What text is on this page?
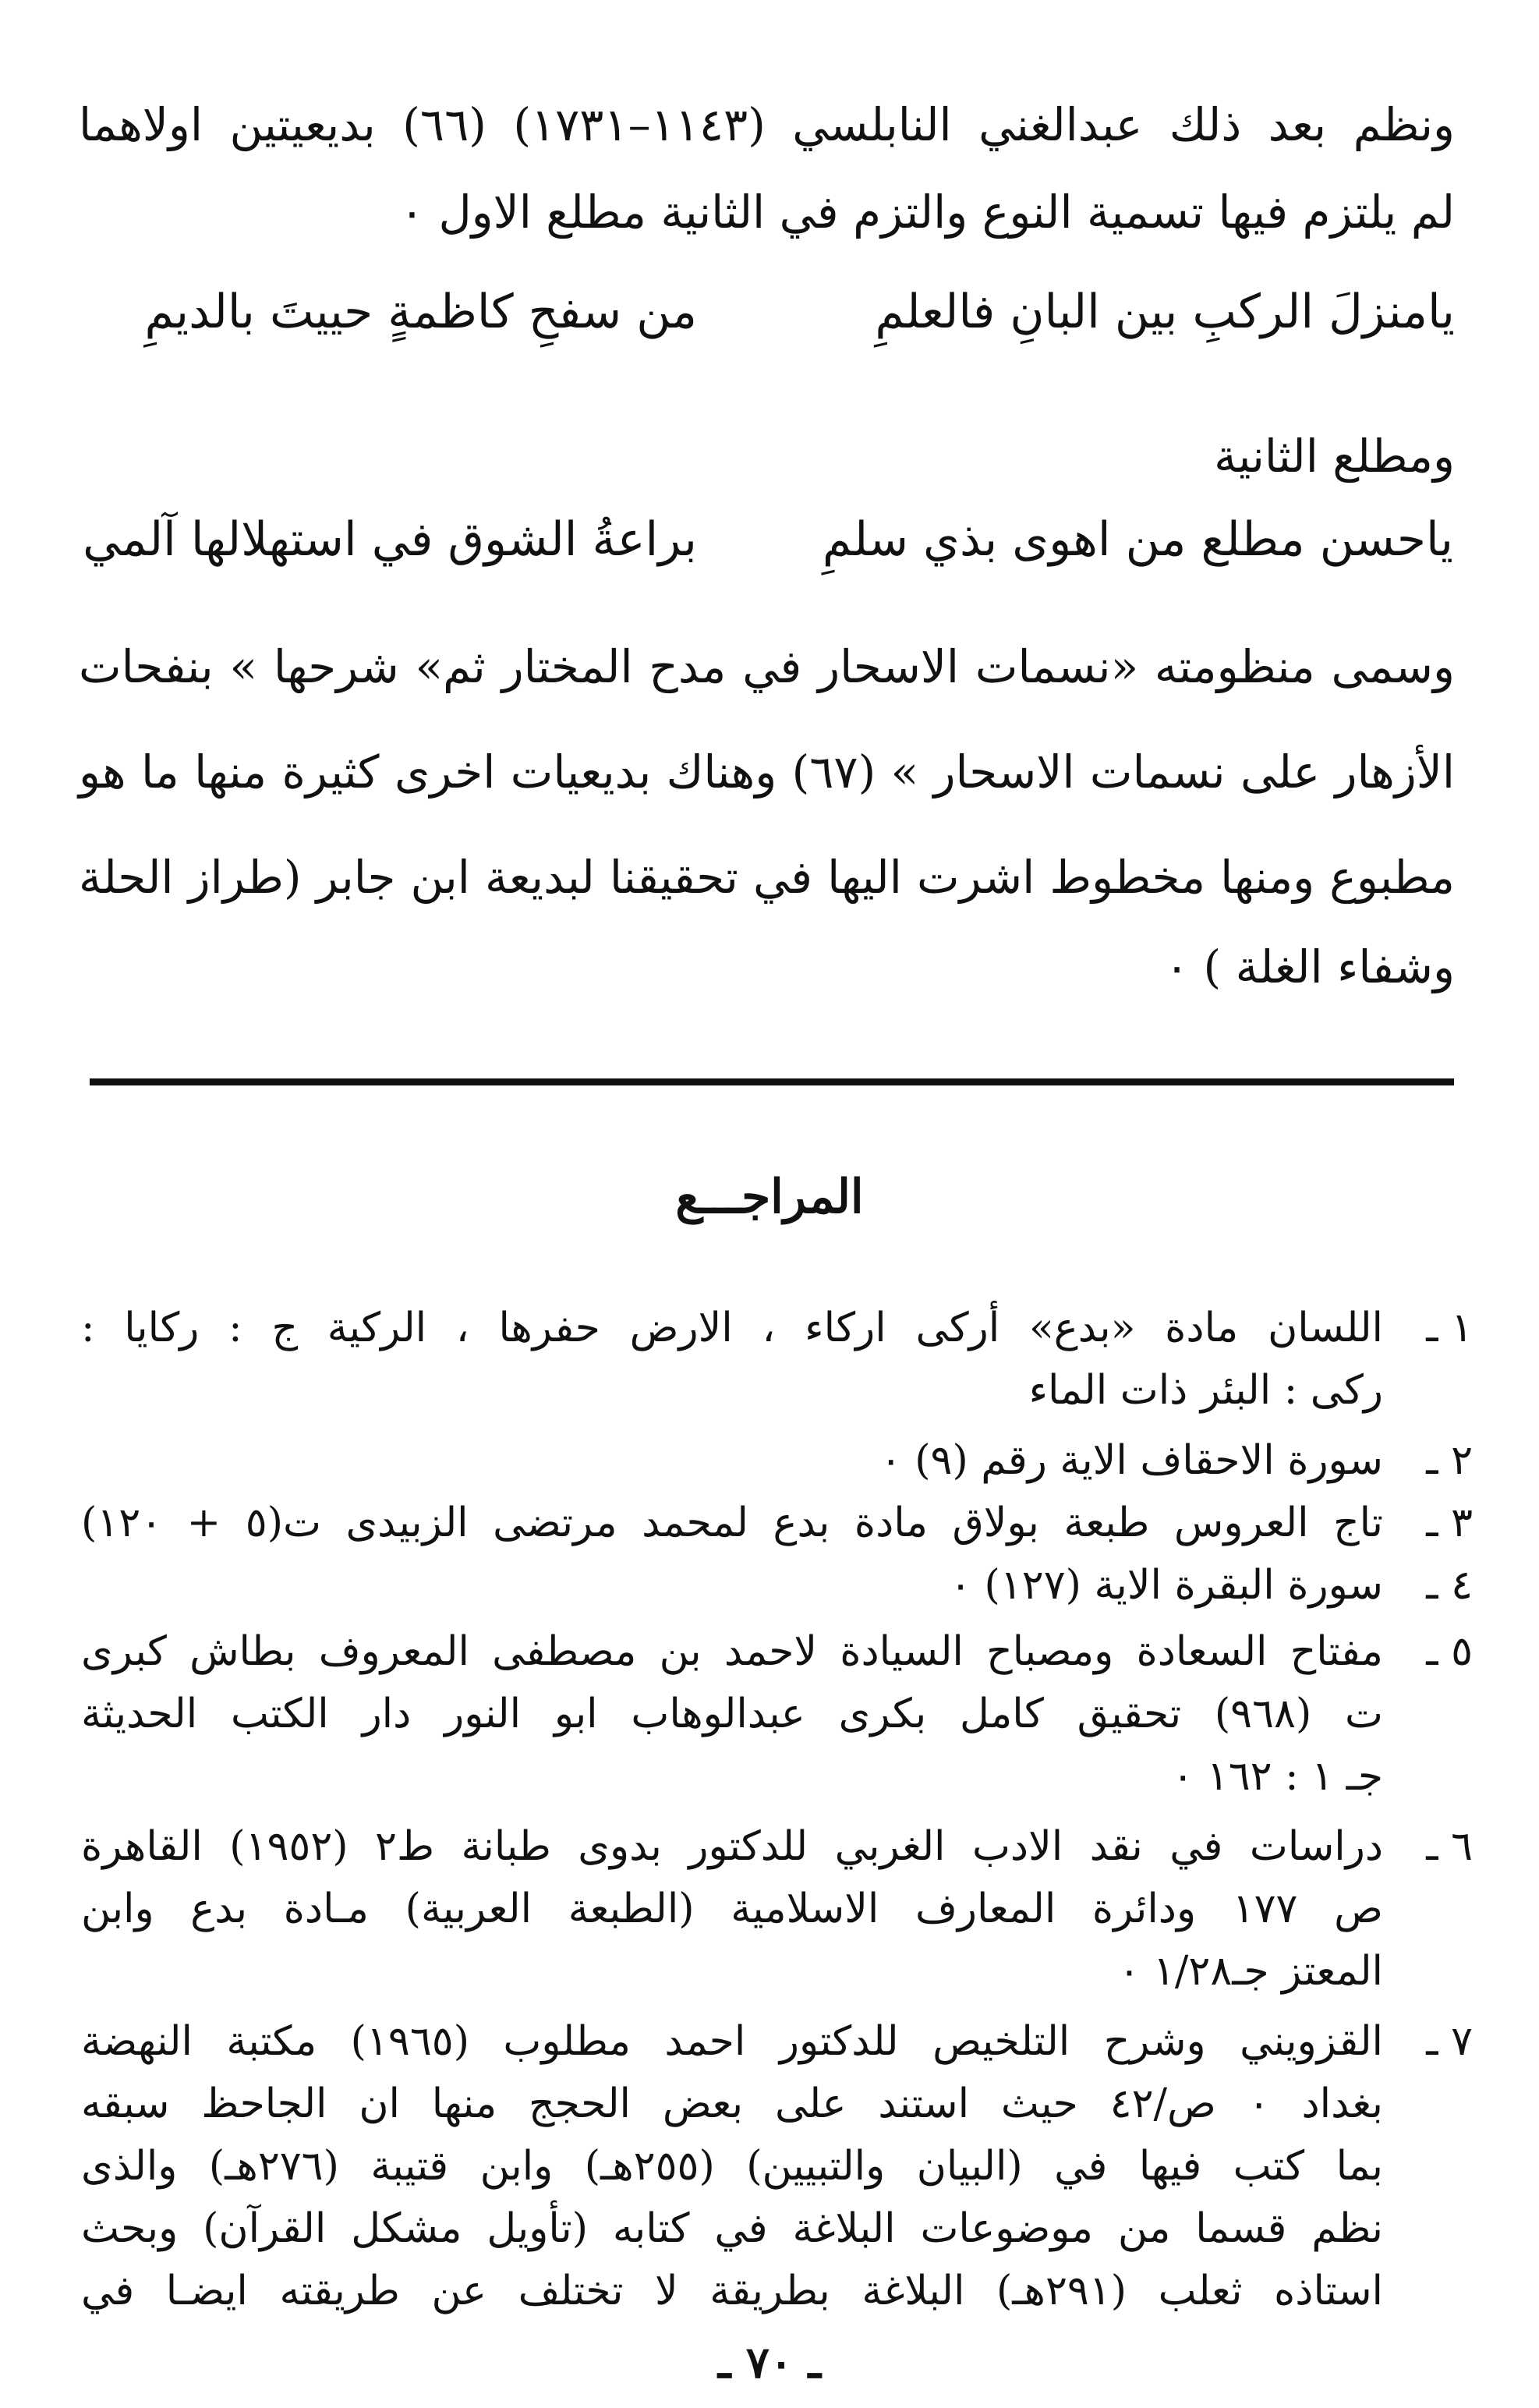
ونظم بعد ذلك عبدالغني النابلسي (١١٤٣–١٧٣١) (٦٦) بديعيتين اولاهما
لم يلتزم فيها تسمية النوع والتزم في الثانية مطلع الاول ٠
يامنزلَ الركبِ بين البانِ فالعلمِ
من سفحِ كاظمةٍ حييتَ بالديمِ
ومطلع الثانية
ياحسن مطلع من اهوى بذي سلمِ
براعةُ الشوق في استهلالها آلمي
وسمى منظومته «نسمات الاسحار في مدح المختار ثم» شرحها » بنفحات
الأزهار على نسمات الاسحار » (٦٧) وهناك بديعيات اخرى كثيرة منها ما هو
مطبوع ومنها مخطوط اشرت اليها في تحقيقنا لبديعة ابن جابر (طراز الحلة
وشفاء الغلة ) ٠
المراجـــع
١ ـ
اللسان مادة «بدع» أركى اركاء ، الارض حفرها ، الركية ج : ركايا :
ركى : البئر ذات الماء
٢ ـ
سورة الاحقاف الاية رقم (٩) ٠
٣ ـ
تاج العروس طبعة بولاق مادة بدع لمحمد مرتضى الزبيدى ت(٥ + ١٢٠)
٤ ـ
سورة البقرة الاية (١٢٧) ٠
٥ ـ
مفتاح السعادة ومصباح السيادة لاحمد بن مصطفى المعروف بطاش كبرى
ت (٩٦٨) تحقيق كامل بكرى عبدالوهاب ابو النور دار الكتب الحديثة
جـ ١ : ١٦٢ ٠
٦ ـ
دراسات في نقد الادب الغربي للدكتور بدوى طبانة ط٢ (١٩٥٢) القاهرة
ص ١٧٧ ودائرة المعارف الاسلامية (الطبعة العربية) مـادة بدع وابن
المعتز جـ١/٢٨ ٠
٧ ـ
القزويني وشرح التلخيص للدكتور احمد مطلوب (١٩٦٥) مكتبة النهضة
بغداد ٠ ص/٤٢ حيث استند على بعض الحجج منها ان الجاحظ سبقه
بما كتب فيها في (البيان والتبيين) (٢٥٥هـ) وابن قتيبة (٢٧٦هـ) والذى
نظم قسما من موضوعات البلاغة في كتابه (تأويل مشكل القرآن) وبحث
استاذه ثعلب (٢٩١هـ) البلاغة بطريقة لا تختلف عن طريقته ايضـا في
ـ ٧٠ ـ
